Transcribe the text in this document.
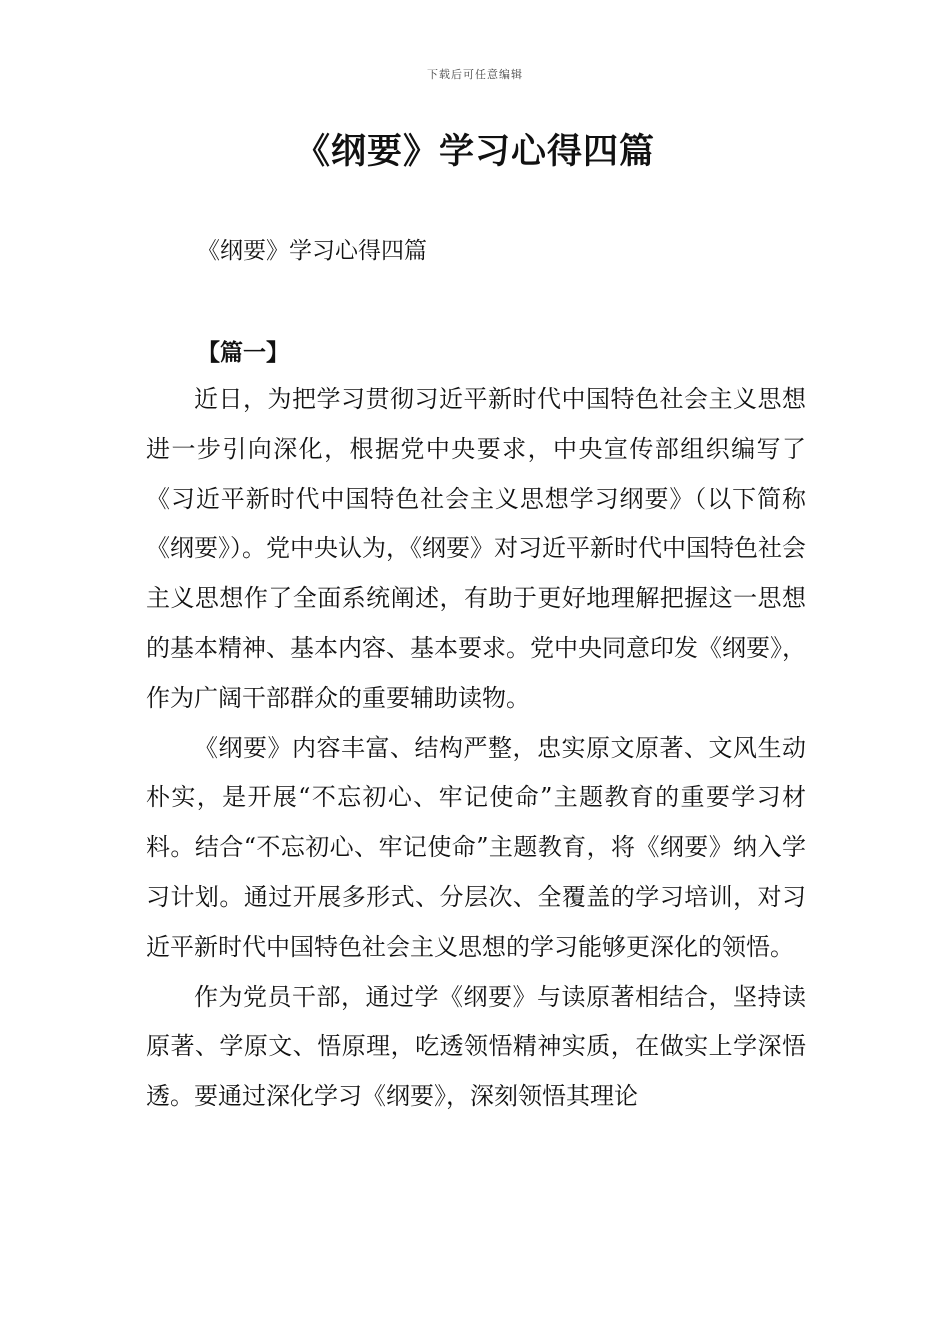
下载后可任意编辑
《纲要》学习心得四篇
《纲要》学习心得四篇
【篇一】

近日，为把学习贯彻习近平新时代中国特色社会主义思想进一步引向深化，根据党中央要求，中央宣传部组织编写了《习近平新时代中国特色社会主义思想学习纲要》（以下简称《纲要》）。党中央认为，《纲要》对习近平新时代中国特色社会主义思想作了全面系统阐述，有助于更好地理解把握这一思想的基本精神、基本内容、基本要求。党中央同意印发《纲要》，作为广阔干部群众的重要辅助读物。

《纲要》内容丰富、结构严整，忠实原文原著、文风生动朴实，是开展“不忘初心、牢记使命”主题教育的重要学习材料。结合“不忘初心、牢记使命”主题教育，将《纲要》纳入学习计划。通过开展多形式、分层次、全覆盖的学习培训，对习近平新时代中国特色社会主义思想的学习能够更深化的领悟。

作为党员干部，通过学《纲要》与读原著相结合，坚持读原著、学原文、悟原理，吃透领悟精神实质，在做实上学深悟透。要通过深化学习《纲要》，深刻领悟其理论
